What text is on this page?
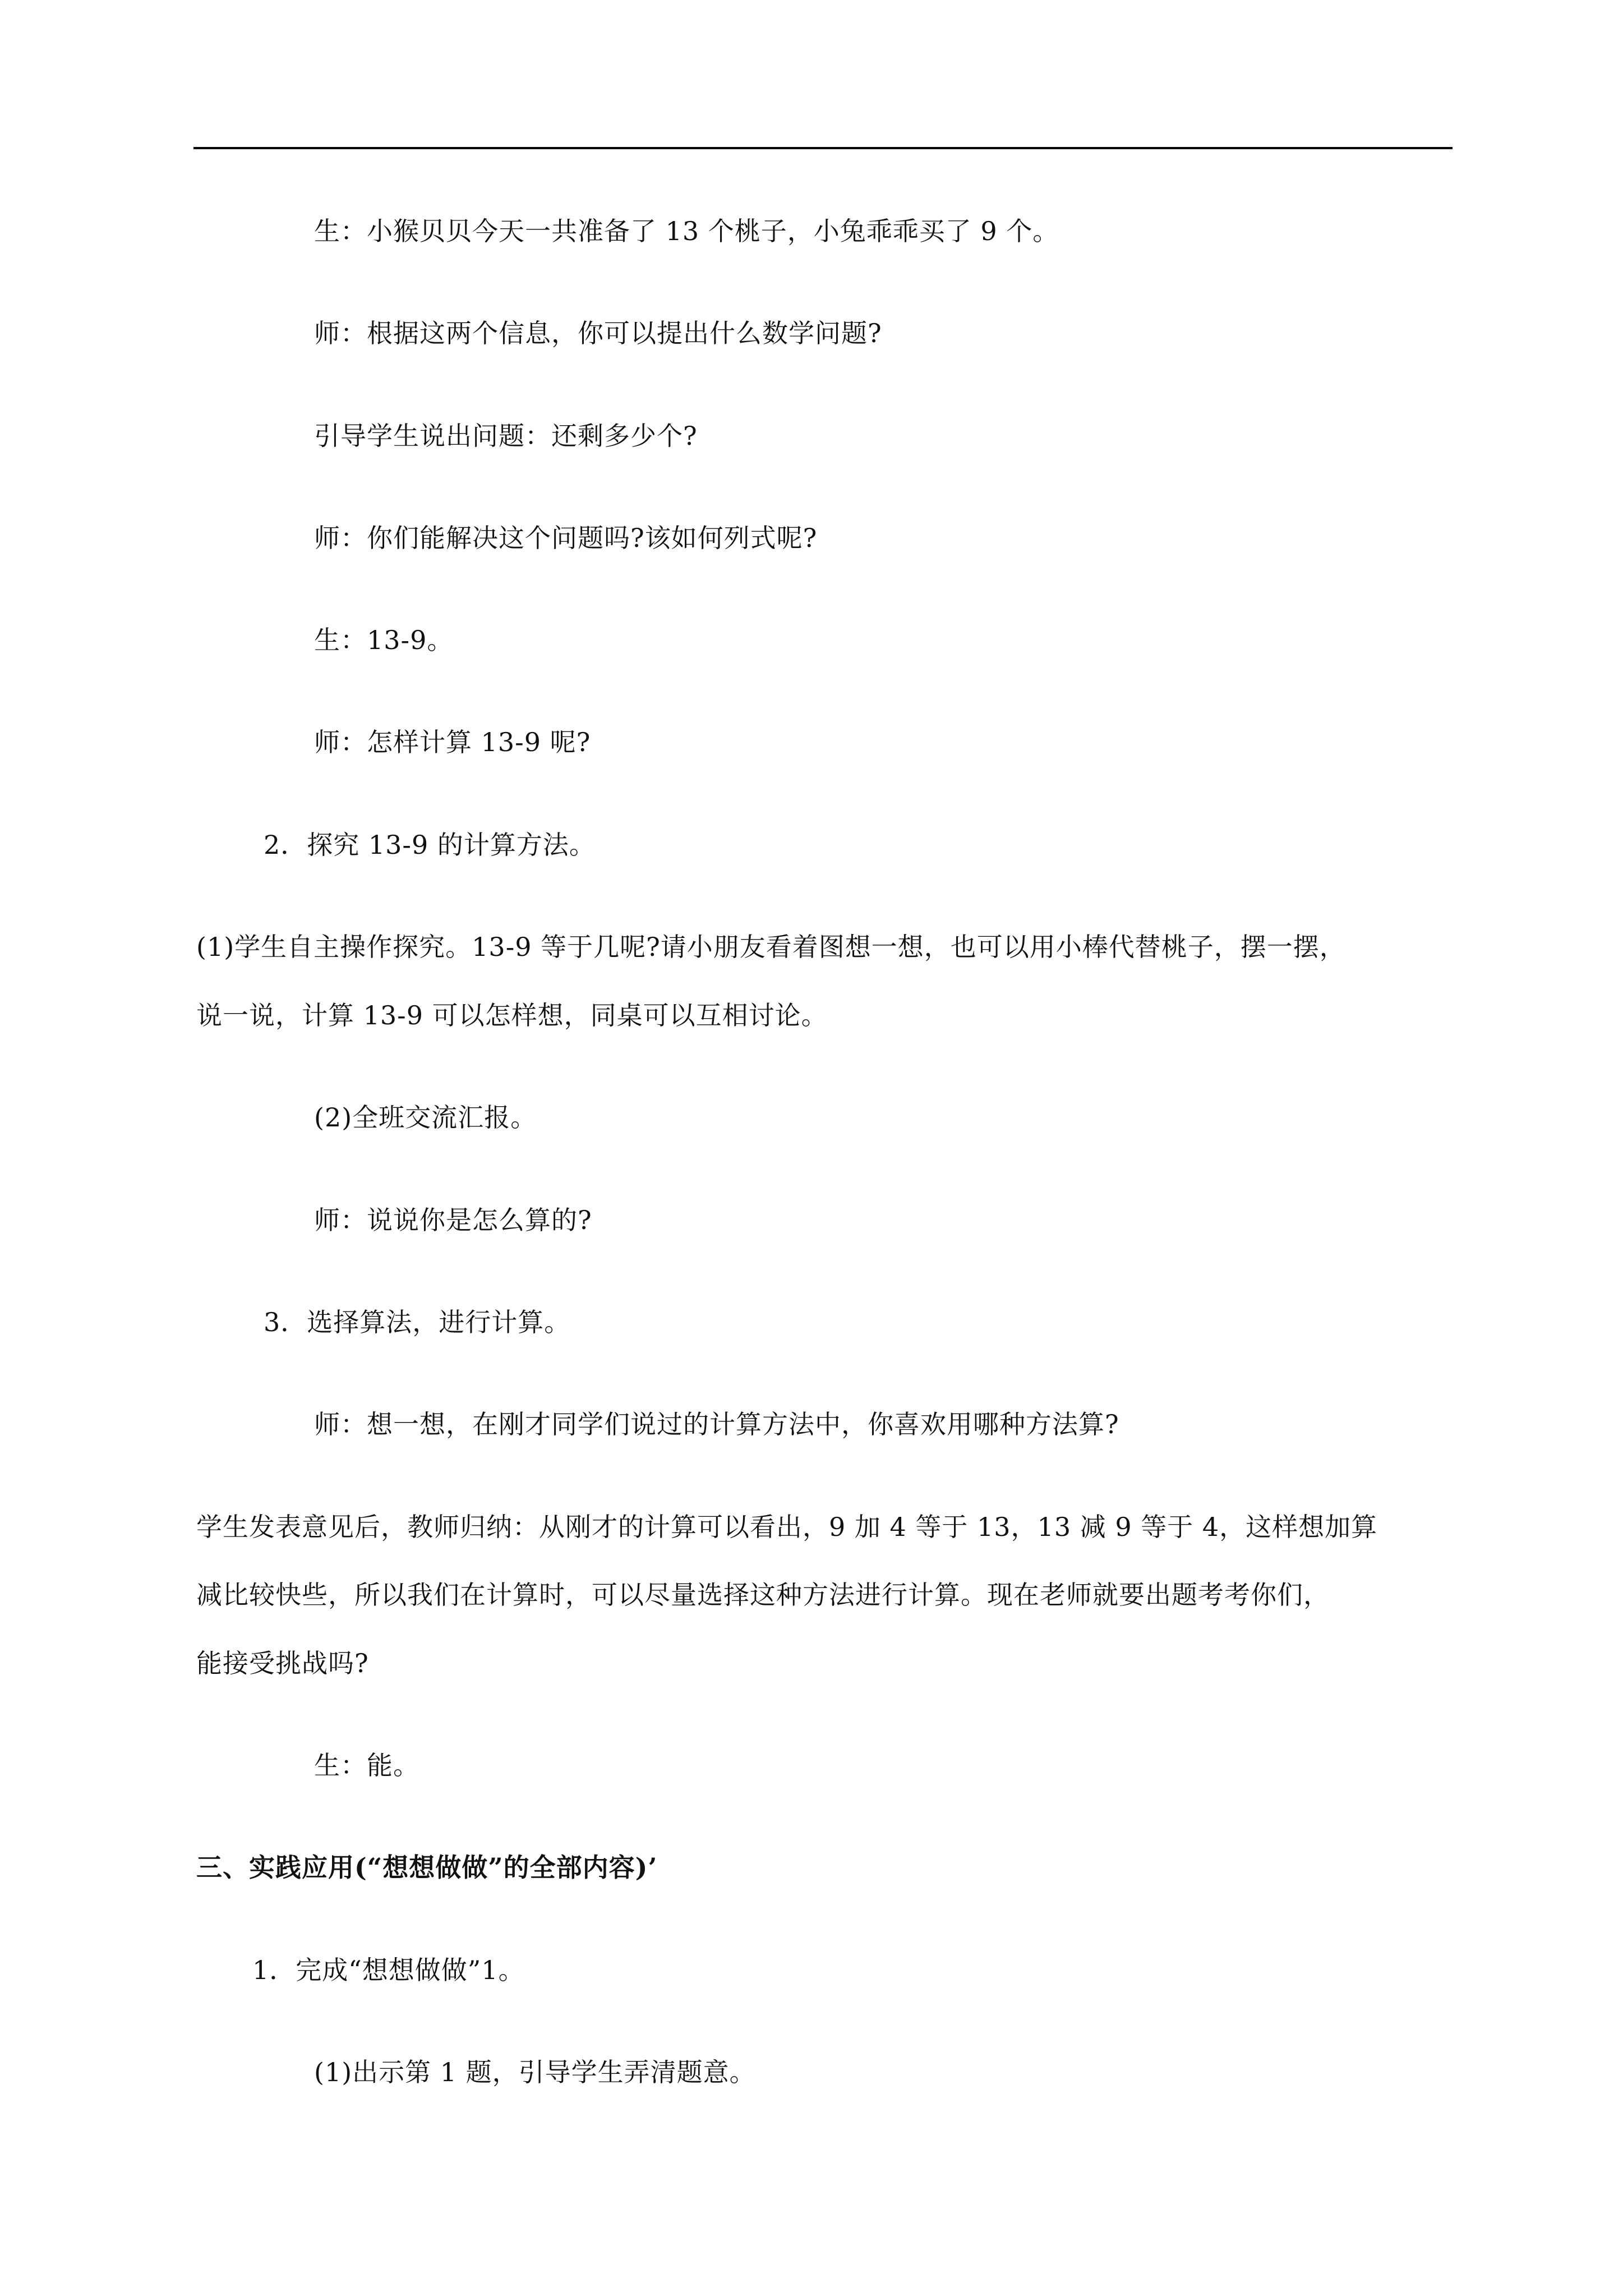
生：小猴贝贝今天一共准备了 13 个桃子，小兔乖乖买了 9 个。
师：根据这两个信息，你可以提出什么数学问题?
引导学生说出问题：还剩多少个?
师：你们能解决这个问题吗?该如何列式呢?
生：13-9。
师：怎样计算 13-9 呢?
2．探究 13-9 的计算方法。
(1)学生自主操作探究。13-9 等于几呢?请小朋友看着图想一想，也可以用小棒代替桃子，摆一摆，
说一说，计算 13-9 可以怎样想，同桌可以互相讨论。
(2)全班交流汇报。
师：说说你是怎么算的?
3．选择算法，进行计算。
师：想一想，在刚才同学们说过的计算方法中，你喜欢用哪种方法算?
学生发表意见后，教师归纳：从刚才的计算可以看出，9 加 4 等于 13，13 减 9 等于 4，这样想加算
减比较快些，所以我们在计算时，可以尽量选择这种方法进行计算。现在老师就要出题考考你们，
能接受挑战吗?
生：能。
三、实践应用(“想想做做”的全部内容)’
1．完成“想想做做”1。
(1)出示第 1 题，引导学生弄清题意。
